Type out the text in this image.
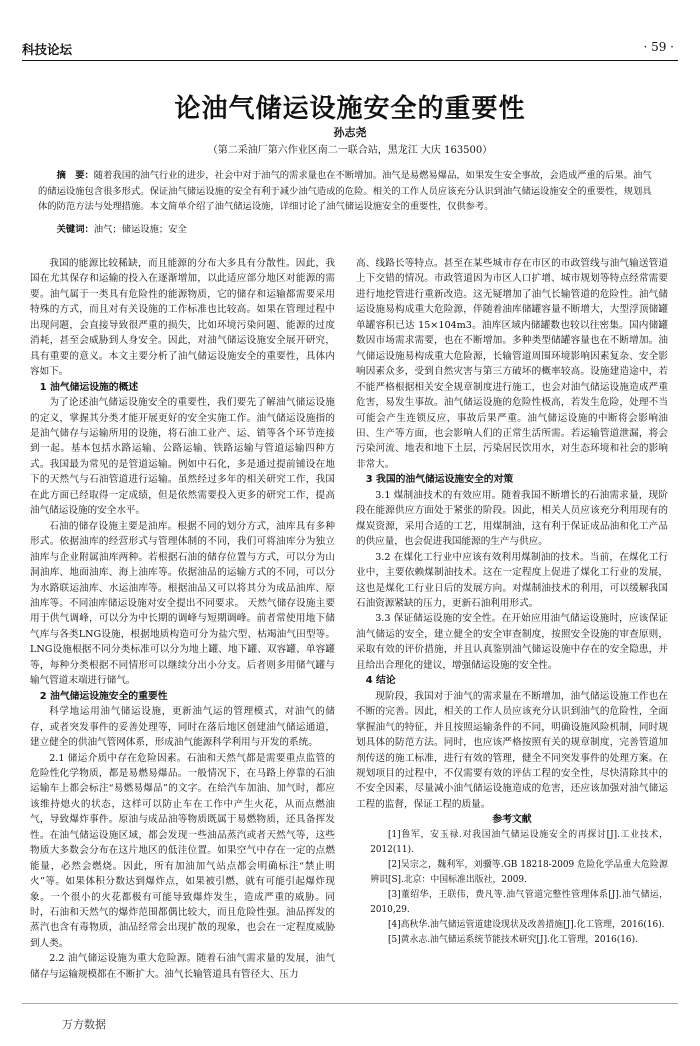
科技论坛	· 59 ·
论油气储运设施安全的重要性
孙志尧
（第二采油厂第六作业区南二一联合站，黑龙江 大庆 163500）
摘　要：随着我国的油气行业的进步，社会中对于油气的需求量也在不断增加。油气是易燃易爆品，如果发生安全事故，会造成严重的后果。油气的储运设施包含很多形式。保证油气储运设施的安全有利于减少油气造成的危险。相关的工作人员应该充分认识到油气储运设施安全的重要性，规划具体的防范方法与处理措施。本文简单介绍了油气储运设施，详细讨论了油气储运设施安全的重要性，仅供参考。
关键词：油气；储运设施；安全

我国的能源比较稀缺，而且能源的分布大多具有分散性。因此，我国在尤其保存和运输的投入在逐渐增加，以此适应部分地区对能源的需要。油气属于一类具有危险性的能源物质，它的储存和运输都需要采用特殊的方式，而且对有关设施的工作标准也比较高。如果在管理过程中出现问题，会直接导致很严重的损失，比如环境污染问题、能源的过度消耗，甚至会威胁到人身安全。因此，对油气储运设施安全展开研究，具有重要的意义。本文主要分析了油气储运设施安全的重要性，具体内容如下。

1 油气储运设施的概述

为了论述油气储运设施安全的重要性，我们要先了解油气储运设施的定义，掌握其分类才能开展更好的安全实施工作。油气储运设施指的是油气储存与运输所用的设施，将石油工业产、运、销等各个环节连接到一起。基本包括水路运输、公路运输、铁路运输与管道运输四种方式。我国最为常见的是管道运输。例如中石化，多是通过提前铺设在地下的天然气与石油管道进行运输。虽然经过多年的相关研究工作，我国在此方面已经取得一定成绩，但是依然需要投入更多的研究工作，提高油气储运设施的安全水平。

石油的储存设施主要是油库。根据不同的划分方式，油库具有多种形式。依据油库的经营形式与管理体制的不同，我们可将油库分为独立油库与企业附属油库两种。若根据石油的储存位置与方式，可以分为山洞油库、地面油库、海上油库等。依据油品的运输方式的不同，可以分为水路联运油库、水运油库等。根据油品又可以将其分为成品油库、原油库等。不同油库储运设施对安全提出不同要求。 天然气储存设施主要用于供气调峰，可以分为中长期的调峰与短期调峰。前者常使用地下储气库与各类LNG设施，根据地质构造可分为盐穴型、枯竭油气田型等。LNG设施根据不同分类标准可以分为地上罐、地下罐、双容罐、单容罐等，每种分类根据不同情形可以继续分出小分支。后者则多用储气罐与输气管道末端进行储气。

2 油气储运设施安全的重要性

科学地运用油气储运设施，更新油气运的管理模式，对油气的储存，或者突发事件的妥善处理等，同时在落后地区创建油气储运通道，建立健全的供油气管网体系，形成油气能源科学利用与开发的系统。

2.1 储运介质中存在危险因素。石油和天然气都是需要重点监管的危险性化学物质，都是易燃易爆品。一般情况下，在马路上停靠的石油运输车上都会标注“易燃易爆品”的文字。在给汽车加油、加气时，都应该维持熄火的状态，这样可以防止车在工作中产生火花，从而点燃油气，导致爆炸事件。原油与成品油等物质既属于易燃物质，还具备挥发性。在油气储运设施区域，都会发现一些油品蒸汽或者天然气等，这些物质大多数会分布在这片地区的低洼位置。如果空气中存在一定的点燃能量，必然会燃烧。因此，所有加油加气站点都会明确标注“禁止明火”等。如果体积分数达到爆炸点，如果被引燃，就有可能引起爆炸现象。一个很小的火花都极有可能导致爆炸发生，造成严重的威胁。同时，石油和天然气的爆炸范围都偶比较大，而且危险性强。油品挥发的蒸汽也含有毒物质，油品经常会出现扩散的现象，也会在一定程度威胁到人类。

2.2 油气储运设施为重大危险源。随着石油气需求量的发展，油气储存与运输规模都在不断扩大。油气长输管道具有管径大、压力

高、线路长等特点。甚至在某些城市存在市区的市政管线与油气输送管道上下交错的情况。市政管道因为市区人口扩增、城市规划等特点经常需要进行地挖管进行重新改造。这无疑增加了油气长输管道的危险性。油气储运设施易构成重大危险源，伴随着油库储罐容量不断增大，大型浮顶储罐单罐容积已达 15×104m3。油库区域内储罐数也较以往密集。国内储罐数因市场需求需要，也在不断增加。多种类型储罐容量也在不断增加。油气储运设施易构成重大危险源，长输管道周围环境影响因素复杂、安全影响因素众多，受到自然灾害与第三方破坏的概率较高。设施建造途中，若不能严格根据相关安全规章制度进行施工，也会对油气储运设施造成严重危害，易发生事故。油气储运设施的危险性极高，若发生危险，处理不当可能会产生连锁反应，事故后果严重。油气储运设施的中断将会影响油田、生产等方面，也会影响人们的正常生活所需。若运输管道泄漏，将会污染河流、地表和地下土层，污染居民饮用水，对生态环境和社会的影响非常大。

3 我国的油气储运设施安全的对策

3.1 煤制油技术的有效应用。随着我国不断增长的石油需求量，现阶段在能源供应方面处于紧张的阶段。因此，相关人员应该充分利用现有的煤炭资源，采用合适的工艺，用煤制油，这有利于保证成品油和化工产品的供应量，也会促进我国能源的生产与供应。

3.2 在煤化工行业中应该有效利用煤制油的技术。当前，在煤化工行业中，主要依赖煤制油技术。这在一定程度上促进了煤化工行业的发展，这也是煤化工行业日后的发展方向。对煤制油技术的利用，可以缓解我国石油资源紧缺的压力，更新石油利用形式。

3.3 保证储运设施的安全性。在开始应用油气储运设施时，应该保证油气储运的安全，建立健全的安全审查制度，按照安全设施的审查原则，采取有效的评价措施，并且认真鉴别油气储运设施中存在的安全隐患，并且给出合理化的建议，增强储运设施的安全性。

4 结论

现阶段，我国对于油气的需求量在不断增加，油气储运设施工作也在不断的完善。因此，相关的工作人员应该充分认识到油气的危险性，全面掌握油气的特征，并且按照运输条件的不同，明确设施风险机制，同时规划具体的防范方法。同时，也应该严格按照有关的规章制度，完善管道加剂传送的施工标准，进行有效的管理，健全不同突发事件的处理方案。在规划项目的过程中，不仅需要有效的评估工程的安全性，尽快清除其中的不安全因素，尽量减小油气储运设施造成的危害，还应该加强对油气储运工程的监督，保证工程的质量。

参考文献

[1]鲁军，安玉禄.对我国油气储运设施安全的再探讨[J].工业技术，2012(11).

[2]吴宗之，魏利军，刘骥等.GB 18218-2009 危险化学品重大危险源辨识[S].北京：中国标准出版社，2009.

[3]董绍华，王联伟，费凡等.油气管道完整性管理体系[J].油气储运，2010,29.

[4]高秋华.油气储运管道建设现状及改善措施[J].化工管理，2016(16).

[5]黄永志.油气储运系统节能技术研究[J].化工管理，2016(16).

万方数据
